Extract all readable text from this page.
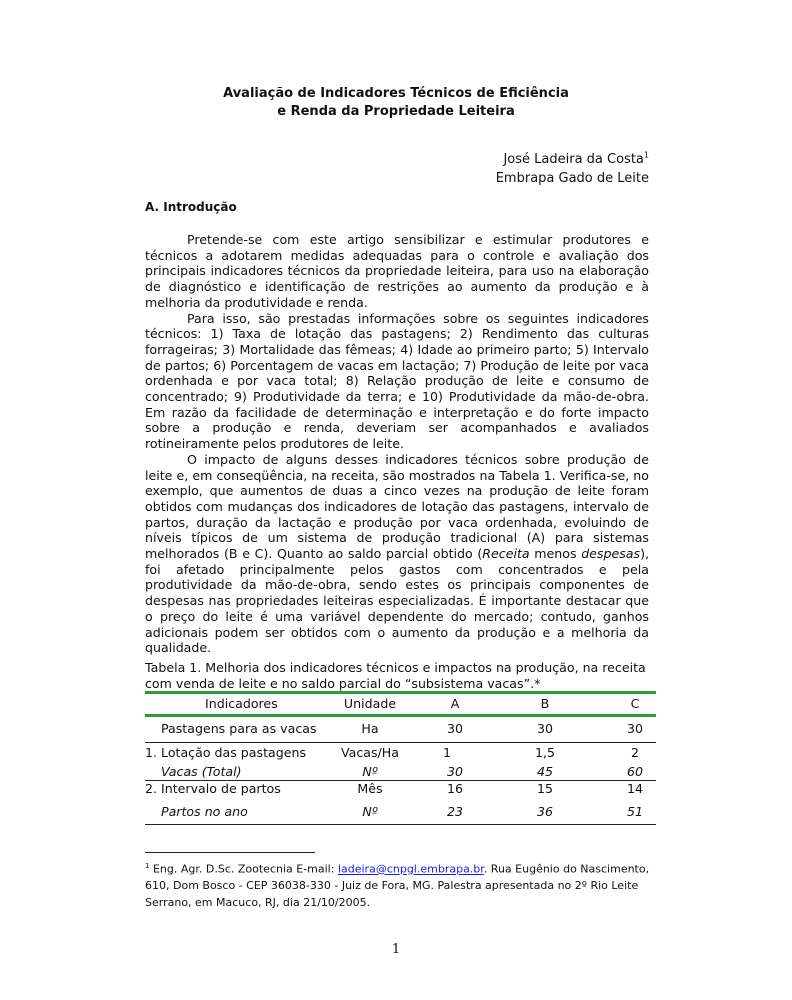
Avaliação de Indicadores Técnicos de Eficiência
e Renda da Propriedade Leiteira
José Ladeira da Costa$^1$
Embrapa Gado de Leite
A. Introdução

Pretende-se com este artigo sensibilizar e estimular produtores e técnicos a adotarem medidas adequadas para o controle e avaliação dos principais indicadores técnicos da propriedade leiteira, para uso na elaboração de diagnóstico e identificação de restrições ao aumento da produção e à melhoria da produtividade e renda.

Para isso, são prestadas informações sobre os seguintes indicadores técnicos: 1) Taxa de lotação das pastagens; 2) Rendimento das culturas forrageiras; 3) Mortalidade das fêmeas; 4) Idade ao primeiro parto; 5) Intervalo de partos; 6) Porcentagem de vacas em lactação; 7) Produção de leite por vaca ordenhada e por vaca total; 8) Relação produção de leite e consumo de concentrado; 9) Produtividade da terra; e 10) Produtividade da mão-de-obra. Em razão da facilidade de determinação e interpretação e do forte impacto sobre a produção e renda, deveriam ser acompanhados e avaliados rotineiramente pelos produtores de leite.

O impacto de alguns desses indicadores técnicos sobre produção de leite e, em conseqüência, na receita, são mostrados na Tabela 1. Verifica-se, no exemplo, que aumentos de duas a cinco vezes na produção de leite foram obtidos com mudanças dos indicadores de lotação das pastagens, intervalo de partos, duração da lactação e produção por vaca ordenhada, evoluindo de níveis típicos de um sistema de produção tradicional (A) para sistemas melhorados (B e C). Quanto ao saldo parcial obtido (Receita menos despesas), foi afetado principalmente pelos gastos com concentrados e pela produtividade da mão-de-obra, sendo estes os principais componentes de despesas nas propriedades leiteiras especializadas. É importante destacar que o preço do leite é uma variável dependente do mercado; contudo, ganhos adicionais podem ser obtidos com o aumento da produção e a melhoria da qualidade.

Tabela 1. Melhoria dos indicadores técnicos e impactos na produção, na receita com venda de leite e no saldo parcial do “subsistema vacas”.*
Indicadores	Unidade	A	B	C
Pastagens para as vacas	Ha	30	30	30
1. Lotação das pastagens	Vacas/Ha	1	1,5	2
Vacas (Total)	Nº	30	45	60
2. Intervalo de partos	Mês	16	15	14
Partos no ano	Nº	23	36	51
$^1$ Eng. Agr. D.Sc. Zootecnia E-mail: ladeira@cnpgl.embrapa.br. Rua Eugênio do Nascimento, 610, Dom Bosco - CEP 36038-330 - Juiz de Fora, MG. Palestra apresentada no 2º Rio Leite Serrano, em Macuco, RJ, dia 21/10/2005.
1
